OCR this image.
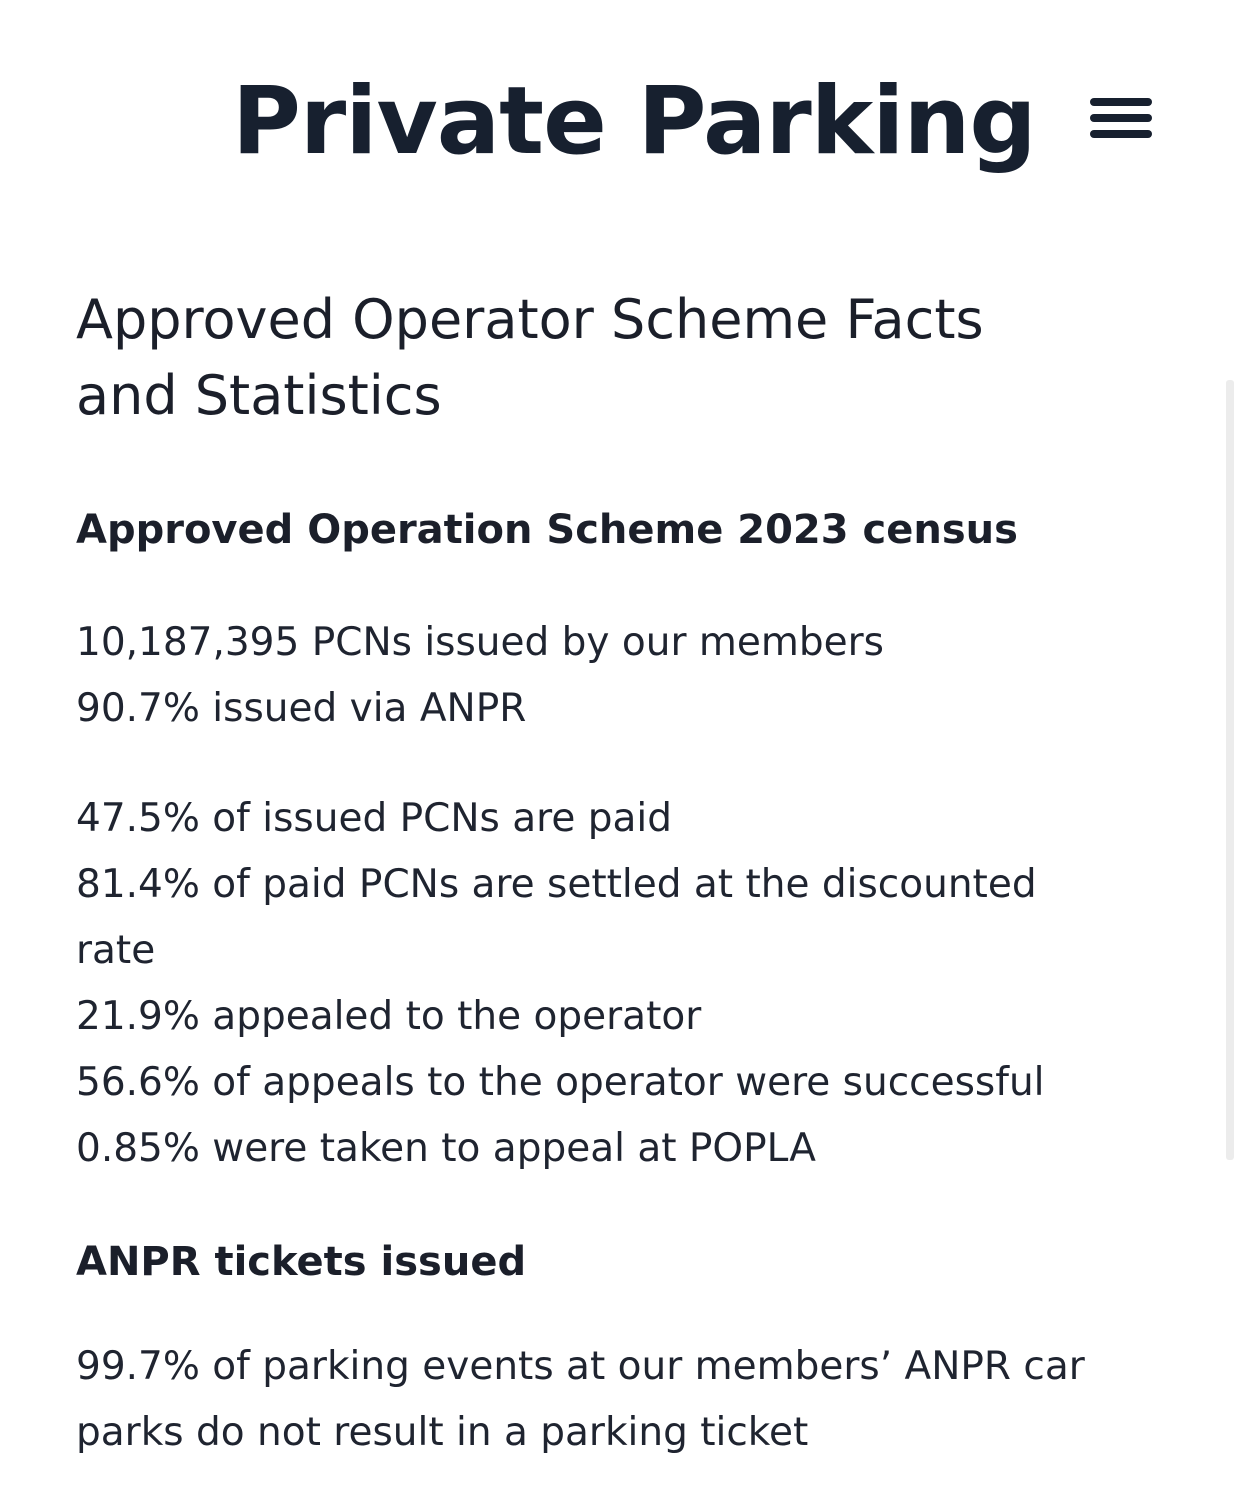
Private Parking
Approved Operator Scheme Facts
and Statistics
Approved Operation Scheme 2023 census

10,187,395 PCNs issued by our members
90.7% issued via ANPR

47.5% of issued PCNs are paid
81.4% of paid PCNs are settled at the discounted
rate
21.9% appealed to the operator
56.6% of appeals to the operator were successful
0.85% were taken to appeal at POPLA

ANPR tickets issued

99.7% of parking events at our members’ ANPR car
parks do not result in a parking ticket
